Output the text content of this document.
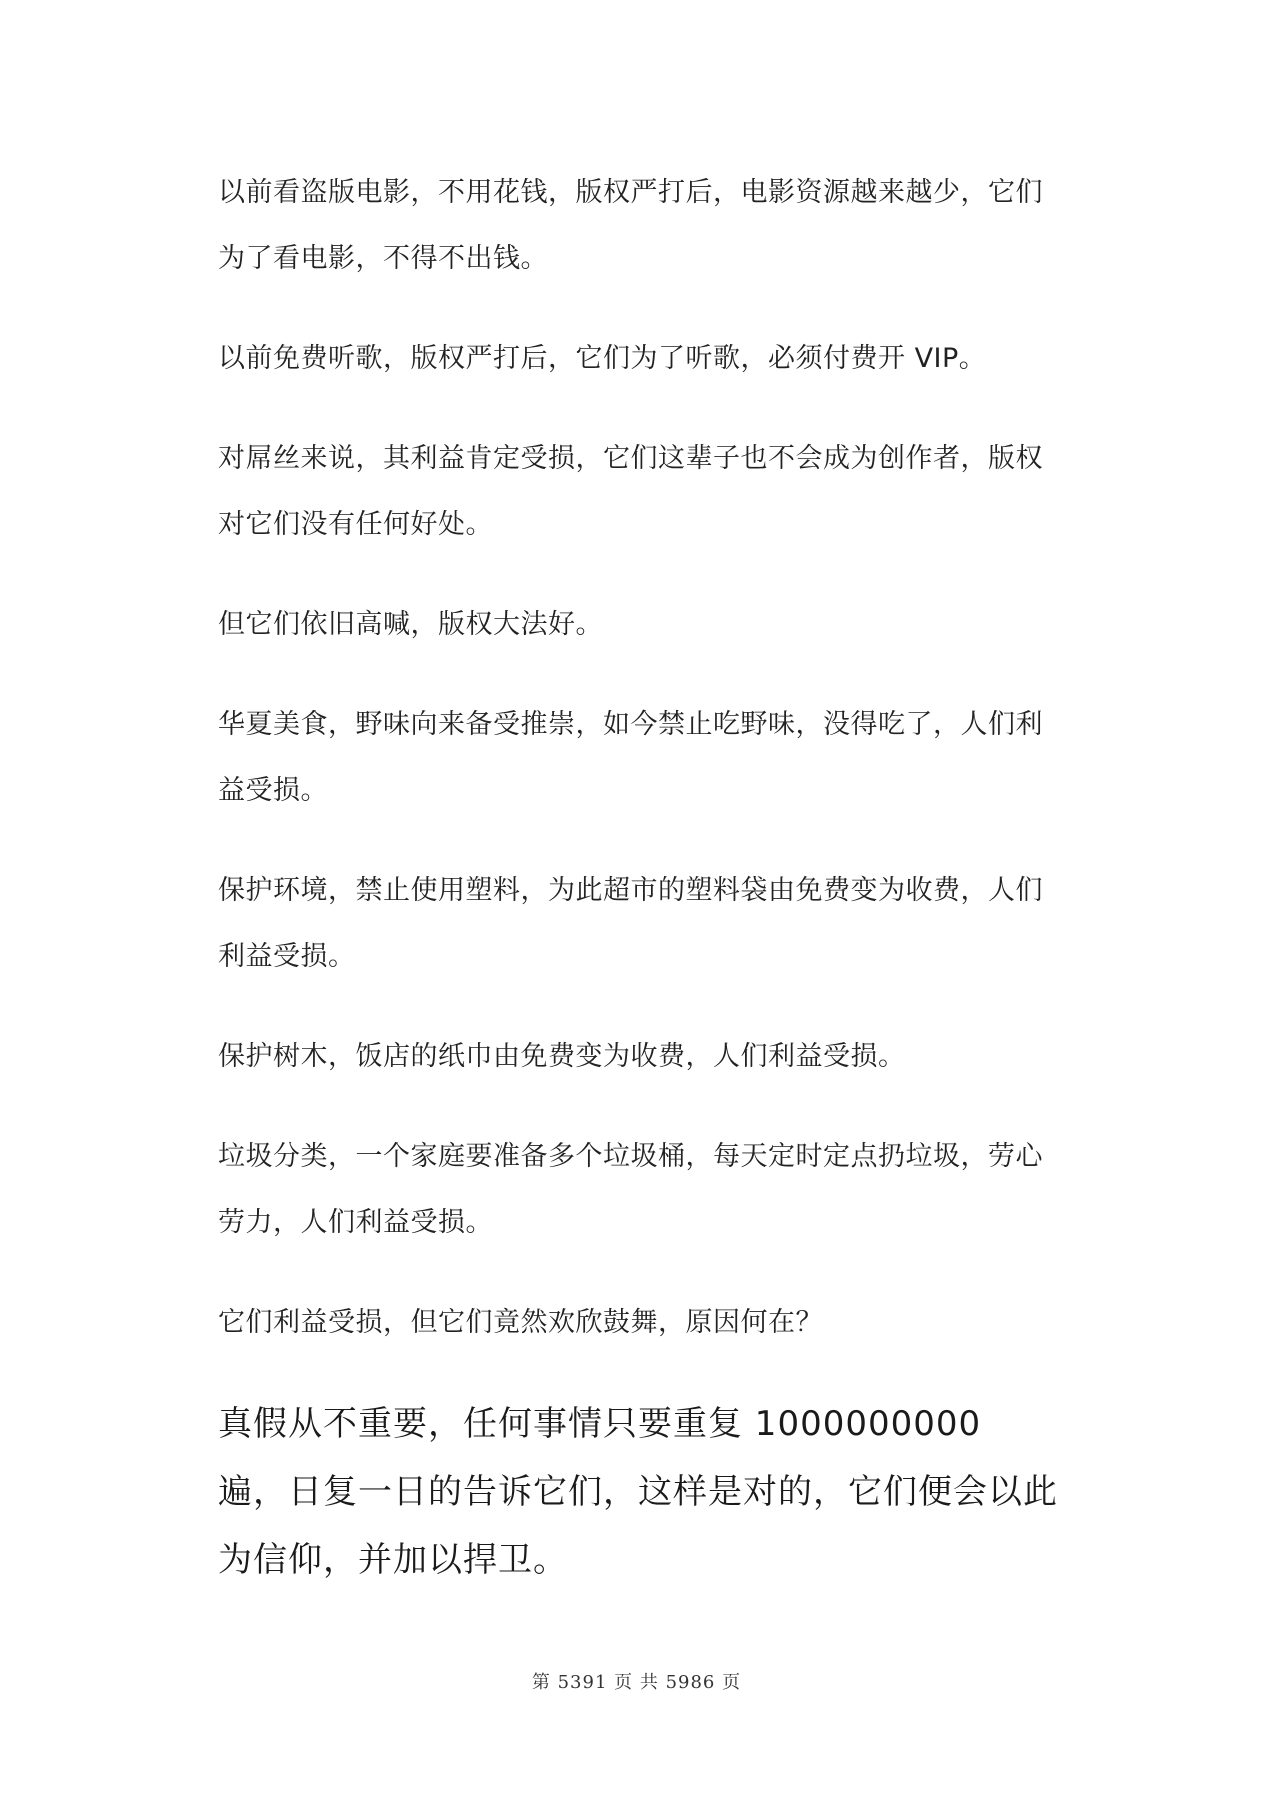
以前看盗版电影，不用花钱，版权严打后，电影资源越来越少，它们为了看电影，不得不出钱。

以前免费听歌，版权严打后，它们为了听歌，必须付费开 VIP。

对屌丝来说，其利益肯定受损，它们这辈子也不会成为创作者，版权对它们没有任何好处。

但它们依旧高喊，版权大法好。

华夏美食，野味向来备受推崇，如今禁止吃野味，没得吃了，人们利益受损。

保护环境，禁止使用塑料，为此超市的塑料袋由免费变为收费，人们利益受损。

保护树木，饭店的纸巾由免费变为收费，人们利益受损。

垃圾分类，一个家庭要准备多个垃圾桶，每天定时定点扔垃圾，劳心劳力，人们利益受损。

它们利益受损，但它们竟然欢欣鼓舞，原因何在？

真假从不重要，任何事情只要重复 1000000000 遍，日复一日的告诉它们，这样是对的，它们便会以此为信仰，并加以捍卫。

第 5391 页 共 5986 页
